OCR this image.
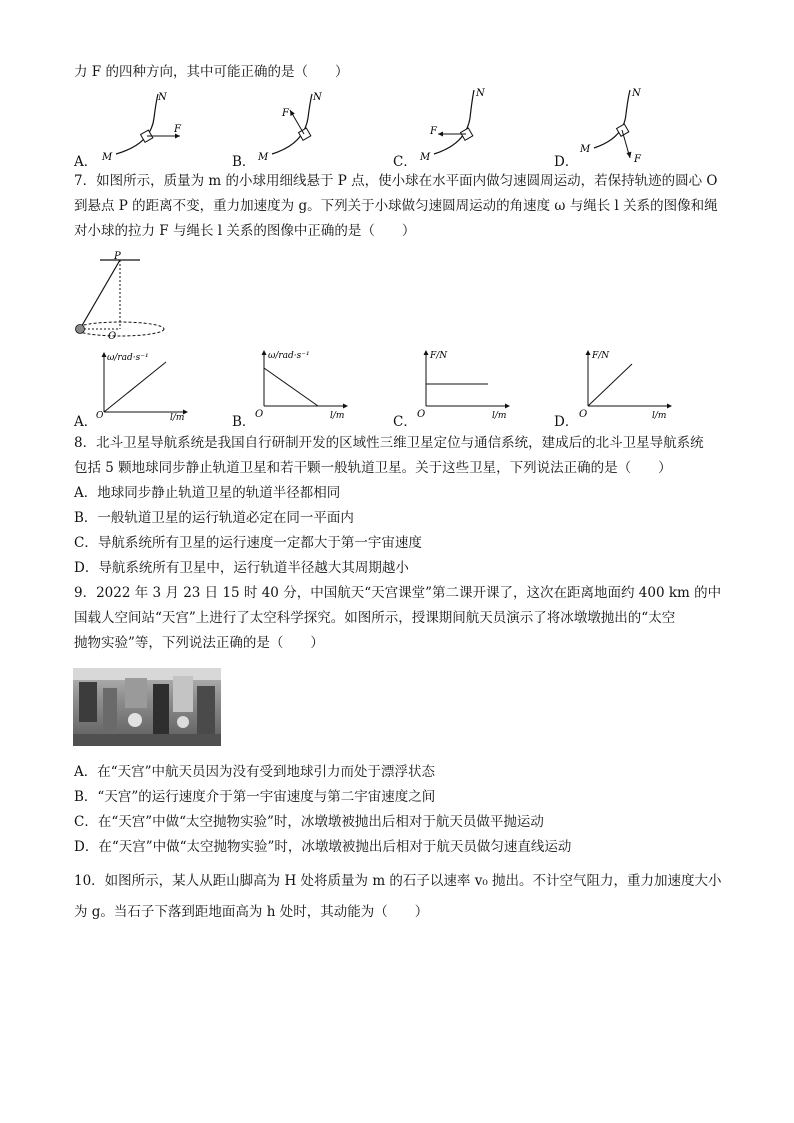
力 F 的四种方向，其中可能正确的是（　　）
A．
F
N
M	B．
F
N
M	C．
F
N
M	D．	F
N
M
7．如图所示，质量为 m 的小球用细线悬于 P 点，使小球在水平面内做匀速圆周运动，若保持轨迹的圆心 O
到悬点 P 的距离不变，重力加速度为 g。下列关于小球做匀速圆周运动的角速度 ω 与绳长 l 关系的图像和绳
对小球的拉力 F 与绳长 l 关系的图像中正确的是（　　）
P
O
A．
ω/rad·s⁻¹
l/m
O	B．
ω/rad·s⁻¹
l/m
O	C．
F/N
l/m
O	D．
F/N
l/m
O
8．北斗卫星导航系统是我国自行研制开发的区域性三维卫星定位与通信系统，建成后的北斗卫星导航系统
包括 5 颗地球同步静止轨道卫星和若干颗一般轨道卫星。关于这些卫星，下列说法正确的是（　　）
A．地球同步静止轨道卫星的轨道半径都相同
B．一般轨道卫星的运行轨道必定在同一平面内
C．导航系统所有卫星的运行速度一定都大于第一宇宙速度
D．导航系统所有卫星中，运行轨道半径越大其周期越小
9．2022 年 3 月 23 日 15 时 40 分，中国航天“天宫课堂”第二课开课了，这次在距离地面约 400 km 的中
国载人空间站“天宫”上进行了太空科学探究。如图所示，授课期间航天员演示了将冰墩墩抛出的“太空
抛物实验”等，下列说法正确的是（　　）
A．在“天宫”中航天员因为没有受到地球引力而处于漂浮状态
B．“天宫”的运行速度介于第一宇宙速度与第二宇宙速度之间
C．在“天宫”中做“太空抛物实验”时，冰墩墩被抛出后相对于航天员做平抛运动
D．在“天宫”中做“太空抛物实验”时，冰墩墩被抛出后相对于航天员做匀速直线运动
10．如图所示，某人从距山脚高为 H 处将质量为 m 的石子以速率 v₀ 抛出。不计空气阻力，重力加速度大小
为 g。当石子下落到距地面高为 h 处时，其动能为（　　）
